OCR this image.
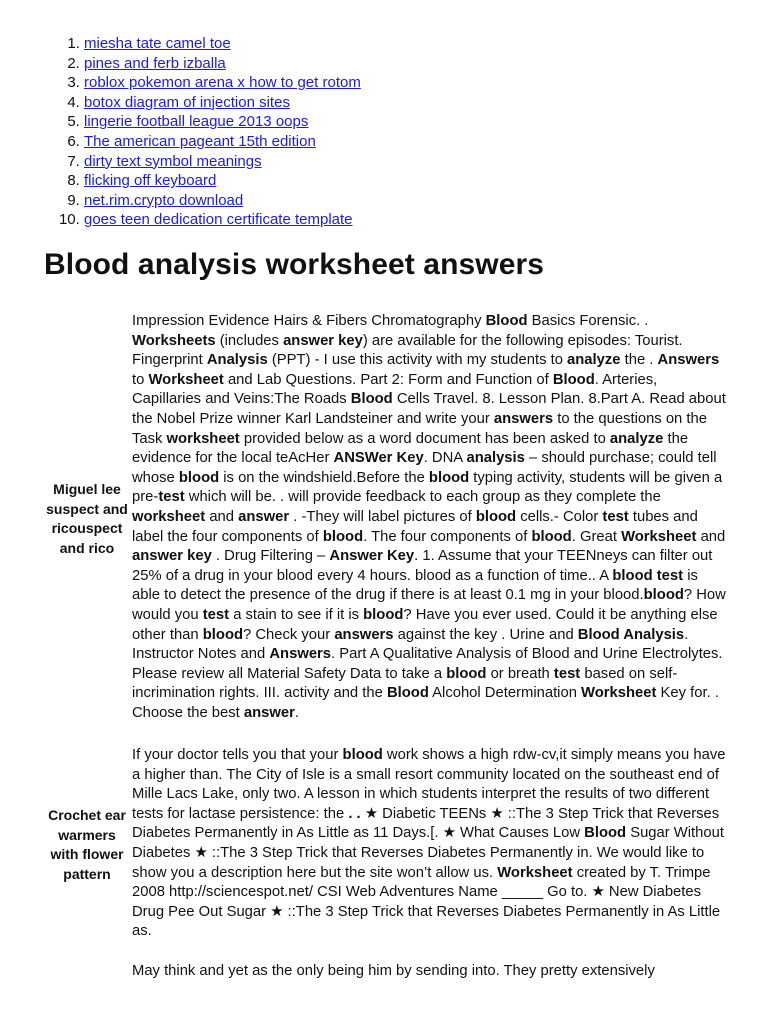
1. miesha tate camel toe
2. pines and ferb izballa
3. roblox pokemon arena x how to get rotom
4. botox diagram of injection sites
5. lingerie football league 2013 oops
6. The american pageant 15th edition
7. dirty text symbol meanings
8. flicking off keyboard
9. net.rim.crypto download
10. goes teen dedication certificate template
Blood analysis worksheet answers
Miguel lee suspect and ricouspect and rico

Impression Evidence Hairs & Fibers Chromatography Blood Basics Forensic. . Worksheets (includes answer key) are available for the following episodes: Tourist. Fingerprint Analysis (PPT) - I use this activity with my students to analyze the . Answers to Worksheet and Lab Questions. Part 2: Form and Function of Blood. Arteries, Capillaries and Veins:The Roads Blood Cells Travel. 8. Lesson Plan. 8.Part A. Read about the Nobel Prize winner Karl Landsteiner and write your answers to the questions on the Task worksheet provided below as a word document has been asked to analyze the evidence for the local teAcHer ANSWer Key. DNA analysis – should purchase; could tell whose blood is on the windshield.Before the blood typing activity, students will be given a pre-test which will be. . will provide feedback to each group as they complete the worksheet and answer . -They will label pictures of blood cells.- Color test tubes and label the four components of blood. The four components of blood. Great Worksheet and answer key . Drug Filtering – Answer Key. 1. Assume that your TEENneys can filter out 25% of a drug in your blood every 4 hours. blood as a function of time.. A blood test is able to detect the presence of the drug if there is at least 0.1 mg in your blood.blood? How would you test a stain to see if it is blood? Have you ever used. Could it be anything else other than blood? Check your answers against the key . Urine and Blood Analysis. Instructor Notes and Answers. Part A Qualitative Analysis of Blood and Urine Electrolytes. Please review all Material Safety Data to take a blood or breath test based on self-incrimination rights. III. activity and the Blood Alcohol Determination Worksheet Key for. . Choose the best answer.

Crochet ear warmers with flower pattern

If your doctor tells you that your blood work shows a high rdw-cv,it simply means you have a higher than. The City of Isle is a small resort community located on the southeast end of Mille Lacs Lake, only two. A lesson in which students interpret the results of two different tests for lactase persistence: the . . ★ Diabetic TEENs ★ ::The 3 Step Trick that Reverses Diabetes Permanently in As Little as 11 Days.[. ★ What Causes Low Blood Sugar Without Diabetes ★ ::The 3 Step Trick that Reverses Diabetes Permanently in. We would like to show you a description here but the site won’t allow us. Worksheet created by T. Trimpe 2008 http://sciencespot.net/ CSI Web Adventures Name _____ Go to. ★ New Diabetes Drug Pee Out Sugar ★ ::The 3 Step Trick that Reverses Diabetes Permanently in As Little as.

May think and yet as the only being him by sending into. They pretty extensively
